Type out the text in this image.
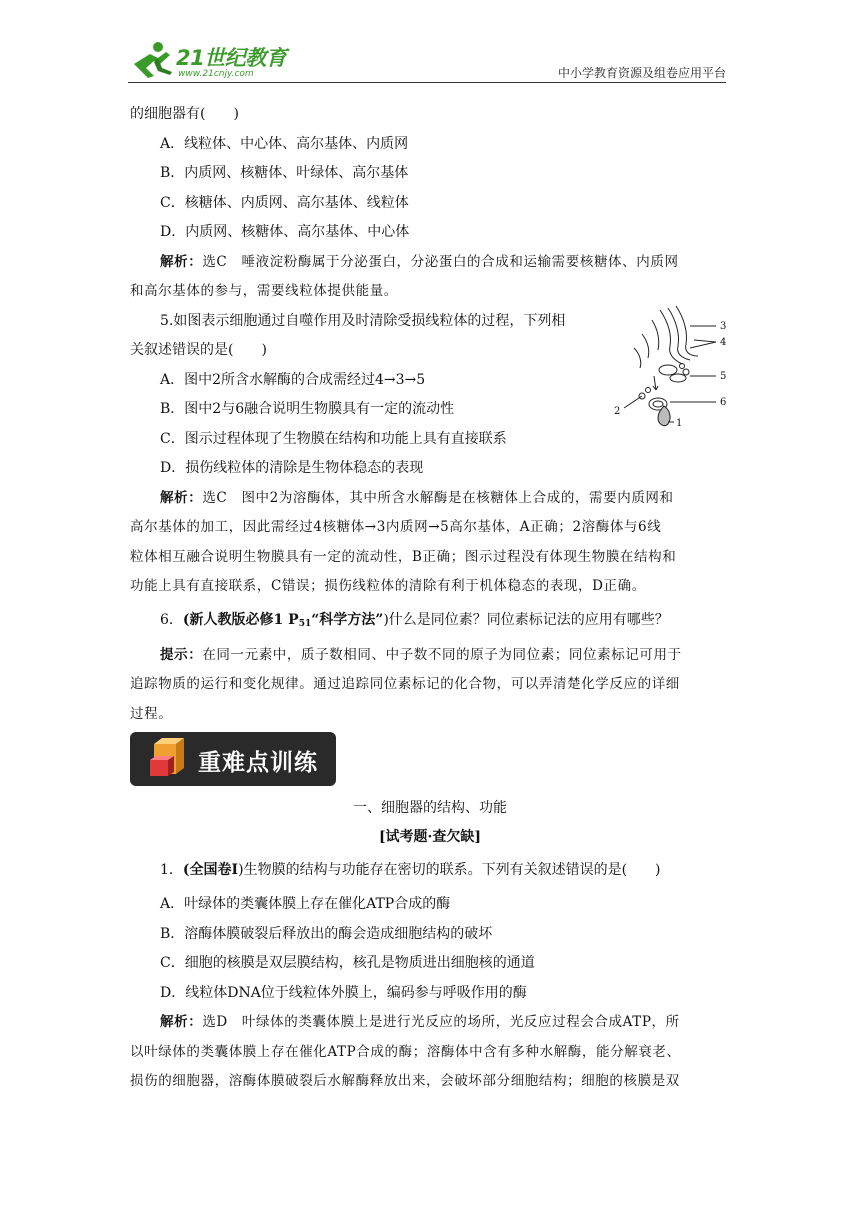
21世纪教育
www.21cnjy.com	中小学教育资源及组卷应用平台
的细胞器有(　　)
A．线粒体、中心体、高尔基体、内质网
B．内质网、核糖体、叶绿体、高尔基体
C．核糖体、内质网、高尔基体、线粒体
D．内质网、核糖体、高尔基体、中心体
解析：选C　唾液淀粉酶属于分泌蛋白，分泌蛋白的合成和运输需要核糖体、内质网
和高尔基体的参与，需要线粒体提供能量。
5.如图表示细胞通过自噬作用及时清除受损线粒体的过程，下列相
关叙述错误的是(　　)
A．图中2所含水解酶的合成需经过4→3→5
B．图中2与6融合说明生物膜具有一定的流动性
C．图示过程体现了生物膜在结构和功能上具有直接联系
D．损伤线粒体的清除是生物体稳态的表现
3
4
5
6
2
1
解析：选C　图中2为溶酶体，其中所含水解酶是在核糖体上合成的，需要内质网和
高尔基体的加工，因此需经过4核糖体→3内质网→5高尔基体，A正确；2溶酶体与6线
粒体相互融合说明生物膜具有一定的流动性，B正确；图示过程没有体现生物膜在结构和
功能上具有直接联系，C错误；损伤线粒体的清除有利于机体稳态的表现，D正确。
6．(新人教版必修1 $P_{51}“$科学方法”)什么是同位素？同位素标记法的应用有哪些？
提示：在同一元素中，质子数相同、中子数不同的原子为同位素；同位素标记可用于
追踪物质的运行和变化规律。通过追踪同位素标记的化合物，可以弄清楚化学反应的详细
过程。
重难点训练
一、细胞器的结构、功能
[试考题·查欠缺]
1．(全国卷Ⅰ)生物膜的结构与功能存在密切的联系。下列有关叙述错误的是(　　)
A．叶绿体的类囊体膜上存在催化ATP合成的酶
B．溶酶体膜破裂后释放出的酶会造成细胞结构的破坏
C．细胞的核膜是双层膜结构，核孔是物质进出细胞核的通道
D．线粒体DNA位于线粒体外膜上，编码参与呼吸作用的酶
解析：选D　叶绿体的类囊体膜上是进行光反应的场所，光反应过程会合成ATP，所
以叶绿体的类囊体膜上存在催化ATP合成的酶；溶酶体中含有多种水解酶，能分解衰老、
损伤的细胞器，溶酶体膜破裂后水解酶释放出来，会破坏部分细胞结构；细胞的核膜是双
